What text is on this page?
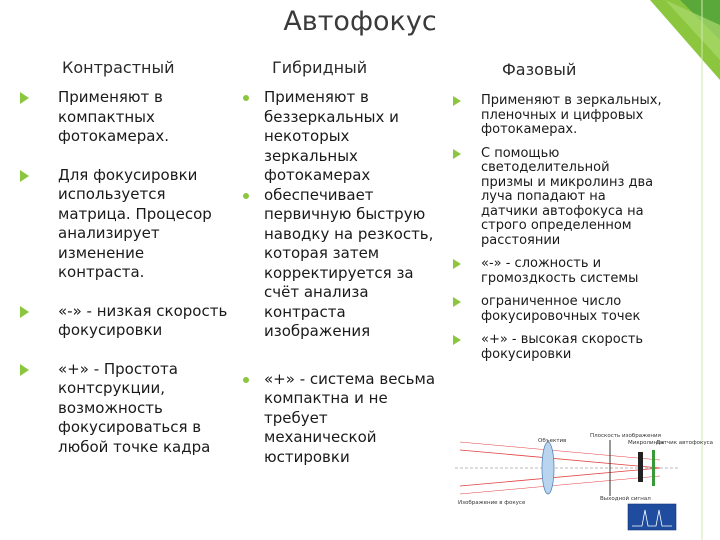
Автофокус
Контрастный	Гибридный	Фазовый
Применяют в компактных фотокамерах.
Для фокусировки используется матрица. Процесор анализирует изменение контраста.
«-» - низкая скорость фокусировки
«+» - Простота контсрукции, возможность фокусироваться в любой точке кадра
Применяют в беззеркальных и некоторых зеркальных фотокамерах
обеспечивает первичную быструю наводку на резкость, которая затем корректируется за счёт анализа контраста изображения
«+» - система весьма компактна и не требует механической юстировки
Применяют в зеркальных, пленочных и цифровых фотокамерах.
С помощью светоделительной призмы и микролинз два луча попадают на датчики автофокуса на строго определенном расстоянии
«-» - сложность и громоздкость системы
ограниченное число фокусировочных точек
«+» - высокая скорость фокусировки
Объектив
Плоскость изображения
Микролинзы
Датчик автофокуса
Изображение в фокусе
Выходной сигнал
